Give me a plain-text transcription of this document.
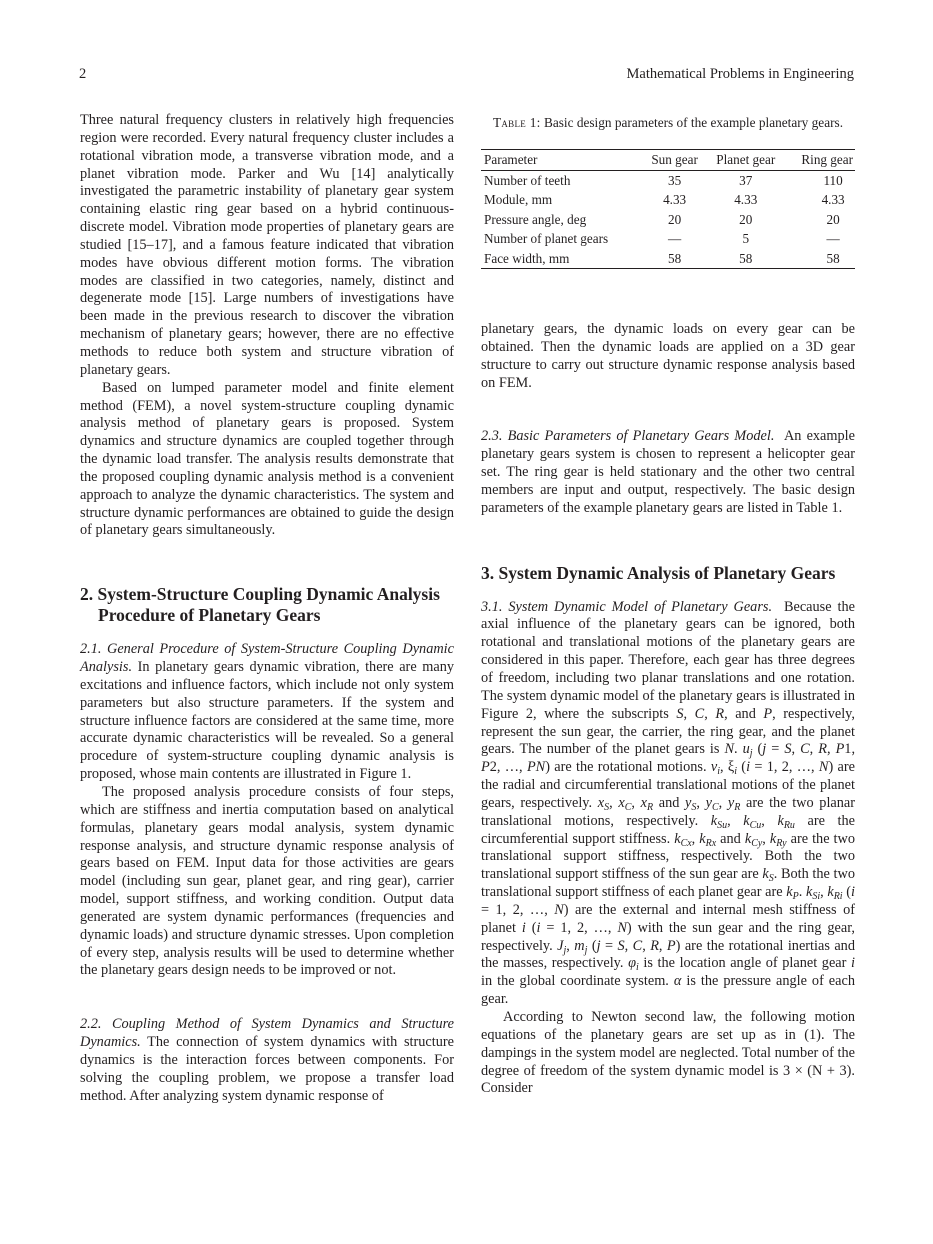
2	Mathematical Problems in Engineering

Three natural frequency clusters in relatively high frequencies region were recorded. Every natural frequency cluster includes a rotational vibration mode, a transverse vibration mode, and a planet vibration mode. Parker and Wu [14] analytically investigated the parametric instability of planetary gear system containing elastic ring gear based on a hybrid continuous-discrete model. Vibration mode properties of planetary gears are studied [15–17], and a famous feature indicated that vibration modes have obvious different motion forms. The vibration modes are classified in two categories, namely, distinct and degenerate mode [15]. Large numbers of investigations have been made in the previous research to discover the vibration mechanism of planetary gears; however, there are no effective methods to reduce both system and structure vibration of planetary gears.

Based on lumped parameter model and finite element method (FEM), a novel system-structure coupling dynamic analysis method of planetary gears is proposed. System dynamics and structure dynamics are coupled together through the dynamic load transfer. The analysis results demonstrate that the proposed coupling dynamic analysis method is a convenient approach to analyze the dynamic characteristics. The system and structure dynamic performances are obtained to guide the design of planetary gears simultaneously.

2. System-Structure Coupling Dynamic Analysis Procedure of Planetary Gears

2.1. General Procedure of System-Structure Coupling Dynamic Analysis. In planetary gears dynamic vibration, there are many excitations and influence factors, which include not only system parameters but also structure parameters. If the system and structure influence factors are considered at the same time, more accurate dynamic characteristics will be revealed. So a general procedure of system-structure coupling dynamic analysis is proposed, whose main contents are illustrated in Figure 1.

The proposed analysis procedure consists of four steps, which are stiffness and inertia computation based on analytical formulas, planetary gears modal analysis, system dynamic response analysis, and structure dynamic response analysis of gears based on FEM. Input data for those activities are gears model (including sun gear, planet gear, and ring gear), carrier model, support stiffness, and working condition. Output data generated are system dynamic performances (frequencies and dynamic loads) and structure dynamic stresses. Upon completion of every step, analysis results will be used to determine whether the planetary gears design needs to be improved or not.

2.2. Coupling Method of System Dynamics and Structure Dynamics. The connection of system dynamics with structure dynamics is the interaction forces between components. For solving the coupling problem, we propose a transfer load method. After analyzing system dynamic response of

Table 1: Basic design parameters of the example planetary gears.
Parameter	Sun gear	Planet gear	Ring gear
Number of teeth	35	37	110
Module, mm	4.33	4.33	4.33
Pressure angle, deg	20	20	20
Number of planet gears	—	5	—
Face width, mm	58	58	58

planetary gears, the dynamic loads on every gear can be obtained. Then the dynamic loads are applied on a 3D gear structure to carry out structure dynamic response analysis based on FEM.

2.3. Basic Parameters of Planetary Gears Model. An example planetary gears system is chosen to represent a helicopter gear set. The ring gear is held stationary and the other two central members are input and output, respectively. The basic design parameters of the example planetary gears are listed in Table 1.

3. System Dynamic Analysis of Planetary Gears

3.1. System Dynamic Model of Planetary Gears. Because the axial influence of the planetary gears can be ignored, both rotational and translational motions of the planetary gears are considered in this paper. Therefore, each gear has three degrees of freedom, including two planar translations and one rotation. The system dynamic model of the planetary gears is illustrated in Figure 2, where the subscripts S, C, R, and P, respectively, represent the sun gear, the carrier, the ring gear, and the planet gears. The number of the planet gears is N. $u_j$ (j = S, C, R, P1, P2, …, PN) are the rotational motions. $v_i$, $\xi_i$ (i = 1, 2, …, N) are the radial and circumferential translational motions of the planet gears, respectively. $x_S$, $x_C$, $x_R$ and $y_S$, $y_C$, $y_R$ are the two planar translational motions, respectively. $k_{Su}$, $k_{Cu}$, $k_{Ru}$ are the circumferential support stiffness. $k_{Cx}$, $k_{Rx}$ and $k_{Cy}$, $k_{Ry}$ are the two translational support stiffness, respectively. Both the two translational support stiffness of the sun gear are $k_S$. Both the two translational support stiffness of each planet gear are $k_P$. $k_{Si}$, $k_{Ri}$ (i = 1, 2, …, N) are the external and internal mesh stiffness of planet i (i = 1, 2, …, N) with the sun gear and the ring gear, respectively. $J_j$, $m_j$ (j = S, C, R, P) are the rotational inertias and the masses, respectively. $\varphi_i$ is the location angle of planet gear i in the global coordinate system. α is the pressure angle of each gear.

According to Newton second law, the following motion equations of the planetary gears are set up as in (1). The dampings in the system model are neglected. Total number of the degree of freedom of the system dynamic model is 3 × (N + 3). Consider
